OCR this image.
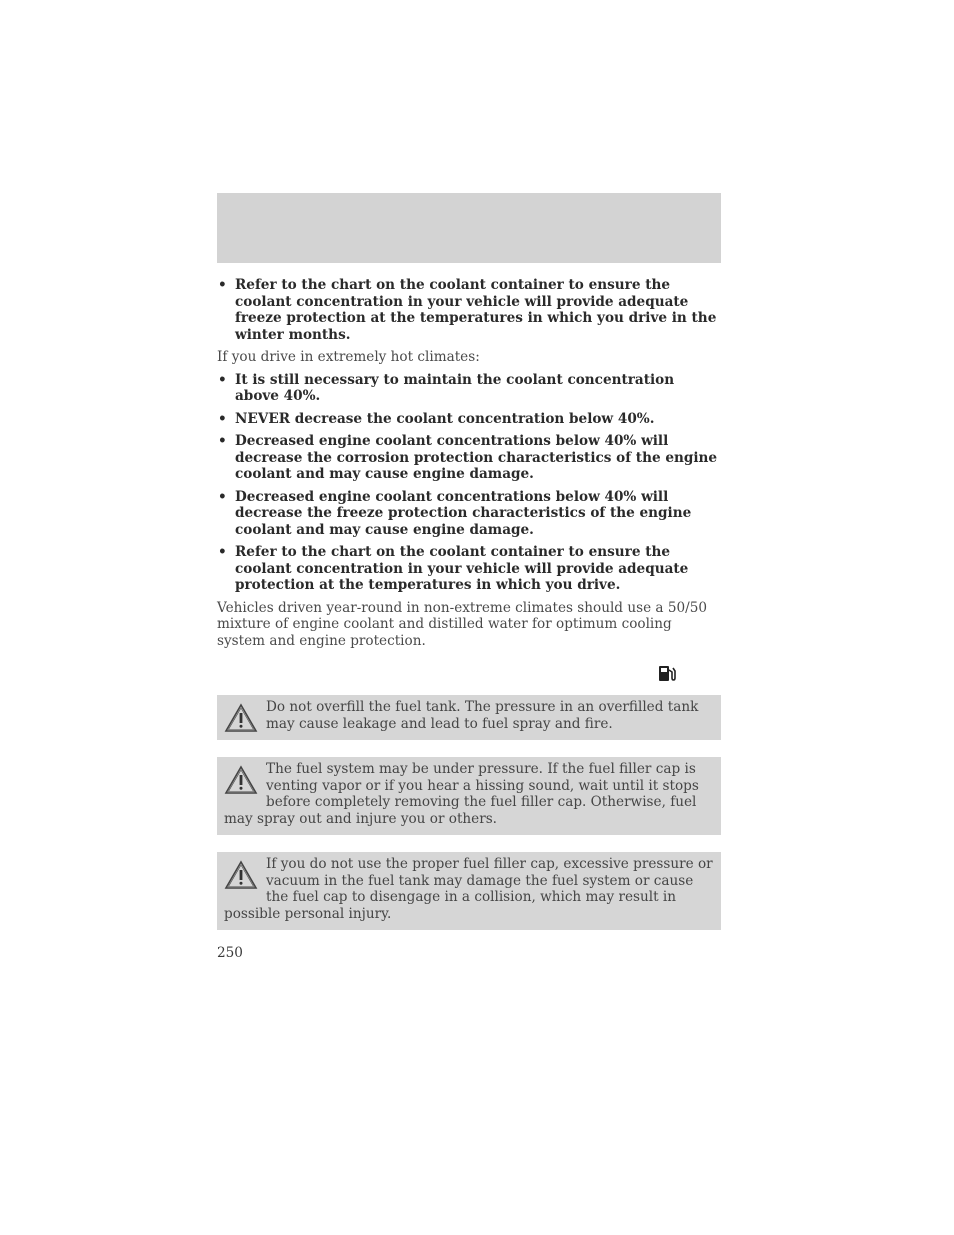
• Refer to the chart on the coolant container to ensure the coolant concentration in your vehicle will provide adequate freeze protection at the temperatures in which you drive in the winter months.

If you drive in extremely hot climates:

• It is still necessary to maintain the coolant concentration above 40%.
• NEVER decrease the coolant concentration below 40%.
• Decreased engine coolant concentrations below 40% will decrease the corrosion protection characteristics of the engine coolant and may cause engine damage.
• Decreased engine coolant concentrations below 40% will decrease the freeze protection characteristics of the engine coolant and may cause engine damage.
• Refer to the chart on the coolant container to ensure the coolant concentration in your vehicle will provide adequate protection at the temperatures in which you drive.

Vehicles driven year-round in non-extreme climates should use a 50/50 mixture of engine coolant and distilled water for optimum cooling system and engine protection.

Do not overfill the fuel tank. The pressure in an overfilled tank may cause leakage and lead to fuel spray and fire.
The fuel system may be under pressure. If the fuel filler cap is venting vapor or if you hear a hissing sound, wait until it stops before completely removing the fuel filler cap. Otherwise, fuel may spray out and injure you or others.
If you do not use the proper fuel filler cap, excessive pressure or vacuum in the fuel tank may damage the fuel system or cause the fuel cap to disengage in a collision, which may result in possible personal injury.
250
